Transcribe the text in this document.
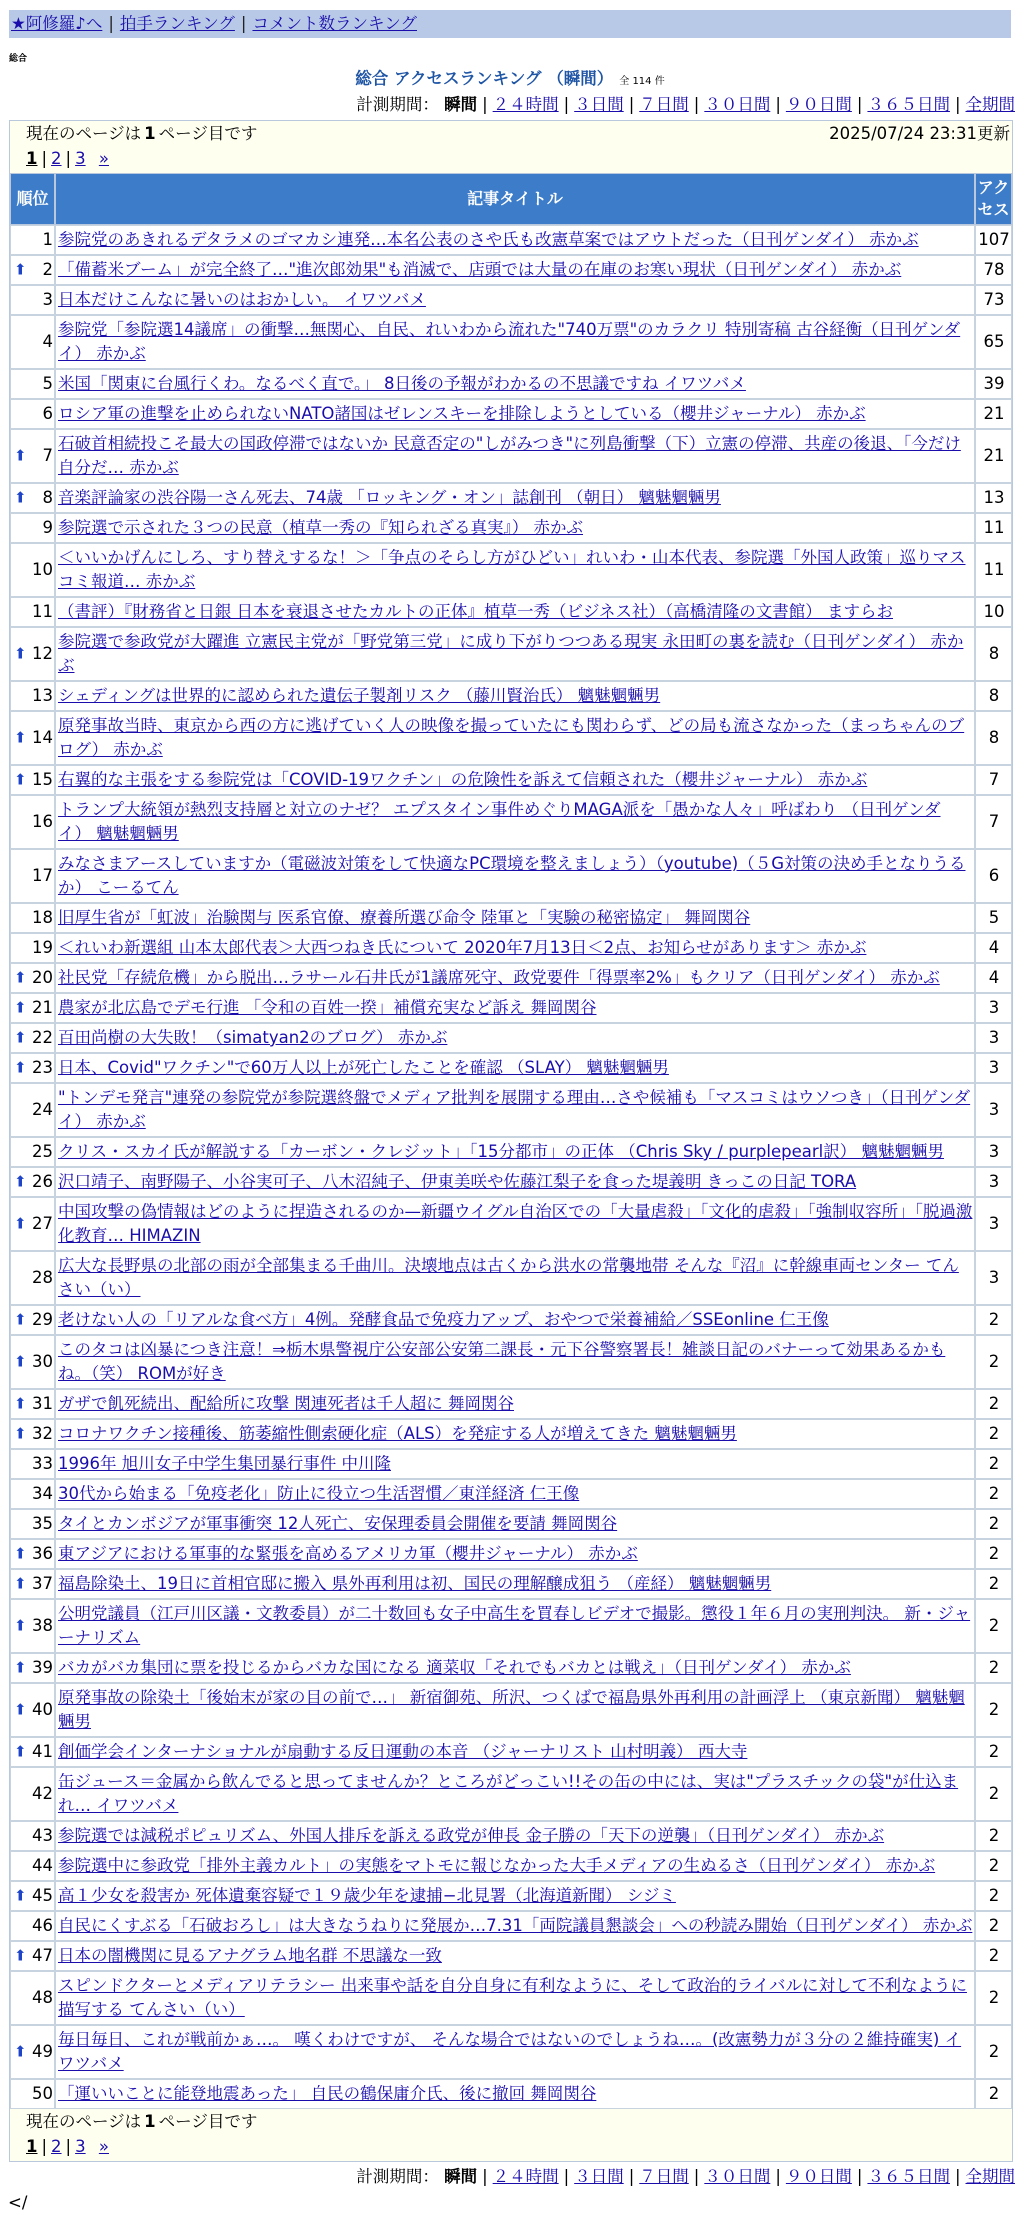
★阿修羅♪へ | 拍手ランキング | コメント数ランキング
総合
総合 アクセスランキング （瞬間） 全 114 件
計測期間： 瞬間 | ２４時間 | ３日間 | ７日間 | ３０日間 | ９０日間 | ３６５日間 | 全期間
現在のページは 1 ページ目です	2025/07/24 23:31更新
1 | 2 | 3 »
順位	記事タイトル	アクセス
1	参院党のあきれるデタラメのゴマカシ連発…本名公表のさや氏も改憲草案ではアウトだった（日刊ゲンダイ） 赤かぶ	107

⬆ 2	「備蓄米ブーム」が完全終了…"進次郎効果"も消滅で、店頭では大量の在庫のお寒い現状（日刊ゲンダイ） 赤かぶ	78
3	日本だけこんなに暑いのはおかしい。 イワツバメ	73
4	参院党「参院選14議席」の衝撃…無関心、自民、れいわから流れた"740万票"のカラクリ 特別寄稿 古谷経衡（日刊ゲンダイ） 赤かぶ	65
5	米国「関東に台風行くわ。なるべく直で。」 8日後の予報がわかるの不思議ですね イワツバメ	39
6	ロシア軍の進撃を止められないNATO諸国はゼレンスキーを排除しようとしている（櫻井ジャーナル） 赤かぶ	21

⬆ 7	石破首相続投こそ最大の国政停滞ではないか 民意否定の"しがみつき"に列島衝撃（下）立憲の停滞、共産の後退、「今だけ自分だ… 赤かぶ	21

⬆ 8	音楽評論家の渋谷陽一さん死去、74歳 「ロッキング・オン」誌創刊 （朝日） 魑魅魍魎男	13
9	参院選で示された３つの民意（植草一秀の『知られざる真実』） 赤かぶ	11
10	＜いいかげんにしろ、すり替えするな！＞「争点のそらし方がひどい」れいわ・山本代表、参院選「外国人政策」巡りマスコミ報道… 赤かぶ	11
11	（書評）『財務省と日銀 日本を衰退させたカルトの正体』植草一秀（ビジネス社）（高橋清隆の文書館） ますらお	10

⬆ 12	参院選で参政党が大躍進 立憲民主党が「野党第三党」に成り下がりつつある現実 永田町の裏を読む（日刊ゲンダイ） 赤かぶ	8
13	シェディングは世界的に認められた遺伝子製剤リスク （藤川賢治氏） 魑魅魍魎男	8

⬆ 14	原発事故当時、東京から西の方に逃げていく人の映像を撮っていたにも関わらず、どの局も流さなかった（まっちゃんのブログ） 赤かぶ	8

⬆ 15	右翼的な主張をする参院党は「COVID-19ワクチン」の危険性を訴えて信頼された（櫻井ジャーナル） 赤かぶ	7
16	トランプ大統領が熱烈支持層と対立のナゼ？ エプスタイン事件めぐりMAGA派を「愚かな人々」呼ばわり （日刊ゲンダイ） 魑魅魍魎男	7
17	みなさまアースしていますか（電磁波対策をして快適なPC環境を整えましょう）（youtube)（５G対策の決め手となりうるか） こーるてん	6
18	旧厚生省が「虹波」治験関与 医系官僚、療養所選び命令 陸軍と「実験の秘密協定」 舞岡関谷	5
19	＜れいわ新選組 山本太郎代表＞大西つねき氏について 2020年7月13日＜2点、お知らせがあります＞ 赤かぶ	4

⬆ 20	社民党「存続危機」から脱出…ラサール石井氏が1議席死守、政党要件「得票率2%」もクリア（日刊ゲンダイ） 赤かぶ	4

⬆ 21	農家が北広島でデモ行進 「令和の百姓一揆」補償充実など訴え 舞岡関谷	3

⬆ 22	百田尚樹の大失敗！（simatyan2のブログ） 赤かぶ	3

⬆ 23	日本、Covid"ワクチン"で60万人以上が死亡したことを確認 （SLAY） 魑魅魍魎男	3
24	"トンデモ発言"連発の参院党が参院選終盤でメディア批判を展開する理由…さや候補も「マスコミはウソつき」（日刊ゲンダイ） 赤かぶ	3
25	クリス・スカイ氏が解説する「カーボン・クレジット」「15分都市」の正体 （Chris Sky / purplepearl訳） 魑魅魍魎男	3

⬆ 26	沢口靖子、南野陽子、小谷実可子、八木沼純子、伊東美咲や佐藤江梨子を食った堤義明 きっこの日記 TORA	3

⬆ 27	中国攻撃の偽情報はどのように捏造されるのか—新疆ウイグル自治区での「大量虐殺」「文化的虐殺」「強制収容所」「脱過激化教育… HIMAZIN	3
28	広大な長野県の北部の雨が全部集まる千曲川。決壊地点は古くから洪水の常襲地帯 そんな『沼』に幹線車両センター てんさい（い）	3

⬆ 29	老けない人の「リアルな食べ方」4例。発酵食品で免疫力アップ、おやつで栄養補給／SSEonline 仁王像	2

⬆ 30	このタコは凶暴につき注意！⇒栃木県警視庁公安部公安第二課長・元下谷警察署長！雑談日記のバナーって効果あるかもね。（笑） ROMが好き	2

⬆ 31	ガザで飢死続出、配給所に攻撃 関連死者は千人超に 舞岡関谷	2

⬆ 32	コロナワクチン接種後、筋萎縮性側索硬化症（ALS）を発症する人が増えてきた 魑魅魍魎男	2
33	1996年 旭川女子中学生集団暴行事件 中川隆	2
34	30代から始まる「免疫老化」防止に役立つ生活習慣／東洋経済 仁王像	2
35	タイとカンボジアが軍事衝突 12人死亡、安保理委員会開催を要請 舞岡関谷	2

⬆ 36	東アジアにおける軍事的な緊張を高めるアメリカ軍（櫻井ジャーナル） 赤かぶ	2

⬆ 37	福島除染土、19日に首相官邸に搬入 県外再利用は初、国民の理解醸成狙う （産経） 魑魅魍魎男	2

⬆ 38	公明党議員（江戸川区議・文教委員）が二十数回も女子中高生を買春しビデオで撮影。懲役１年６月の実刑判決。 新・ジャーナリズム	2

⬆ 39	バカがバカ集団に票を投じるからバカな国になる 適菜収「それでもバカとは戦え」（日刊ゲンダイ） 赤かぶ	2

⬆ 40	原発事故の除染土「後始末が家の目の前で…」 新宿御苑、所沢、つくばで福島県外再利用の計画浮上 （東京新聞） 魑魅魍魎男	2

⬆ 41	創価学会インターナショナルが扇動する反日運動の本音 （ジャーナリスト 山村明義） 西大寺	2
42	缶ジュース＝金属から飲んでると思ってませんか？ところがどっこい!!その缶の中には、実は"プラスチックの袋"が仕込まれ… イワツバメ	2
43	参院選では減税ポピュリズム、外国人排斥を訴える政党が伸長 金子勝の「天下の逆襲」（日刊ゲンダイ） 赤かぶ	2
44	参院選中に参政党「排外主義カルト」の実態をマトモに報じなかった大手メディアの生ぬるさ（日刊ゲンダイ） 赤かぶ	2

⬆ 45	高１少女を殺害か 死体遺棄容疑で１９歳少年を逮捕−北見署（北海道新聞） シジミ	2
46	自民にくすぶる「石破おろし」は大きなうねりに発展か…7.31「両院議員懇談会」への秒読み開始（日刊ゲンダイ） 赤かぶ	2

⬆ 47	日本の闇機関に見るアナグラム地名群 不思議な一致	2
48	スピンドクターとメディアリテラシー 出来事や話を自分自身に有利なように、そして政治的ライバルに対して不利なように描写する てんさい（い）	2

⬆ 49	毎日毎日、これが戦前かぁ…。 嘆くわけですが、 そんな場合ではないのでしょうね…。(改憲勢力が３分の２維持確実) イワツバメ	2
50	「運いいことに能登地震あった」 自民の鶴保庸介氏、後に撤回 舞岡関谷	2
現在のページは 1 ページ目です
1 | 2 | 3 »
計測期間： 瞬間 | ２４時間 | ３日間 | ７日間 | ３０日間 | ９０日間 | ３６５日間 | 全期間
</
